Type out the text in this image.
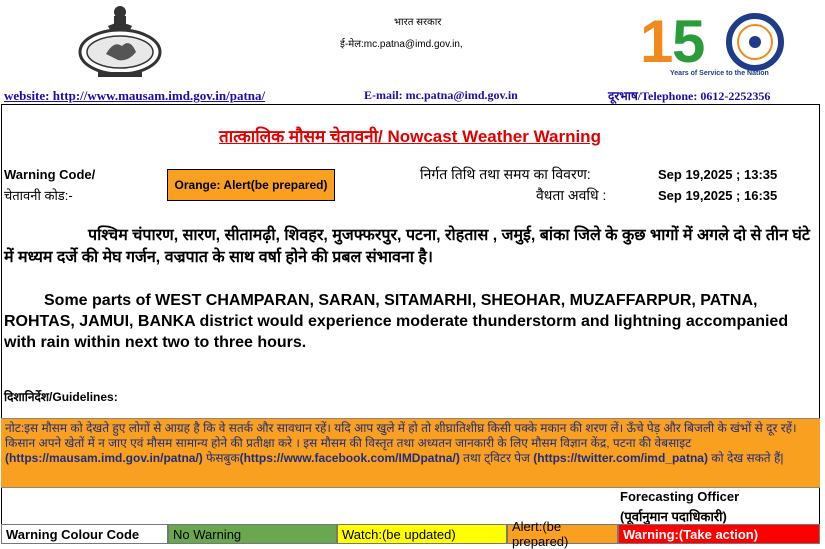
भारत सरकार
ई-मेल:mc.patna@imd.gov.in,	1
5
Years of Service to the Nation
website: http://www.mausam.imd.gov.in/patna/	E-mail: mc.patna@imd.gov.in	दूरभाष/Telephone: 0612-2252356
तात्कालिक मौसम चेतावनी/ Nowcast Weather Warning
Warning Code/
चेतावनी कोड:-
Orange: Alert(be prepared)
निर्गत तिथि तथा समय का विवरण:	Sep 19,2025 ; 13:35
वैधता अवधि :	Sep 19,2025 ; 16:35
पश्चिम चंपारण, सारण, सीतामढ़ी, शिवहर, मुजफ्फरपुर, पटना, रोहतास , जमुई, बांका जिले के कुछ भागों में अगले दो से तीन घंटे में मध्यम दर्जे की मेघ गर्जन, वज्रपात के साथ वर्षा होने की प्रबल संभावना है।
Some parts of WEST CHAMPARAN, SARAN, SITAMARHI, SHEOHAR, MUZAFFARPUR, PATNA, ROHTAS, JAMUI, BANKA district would experience moderate thunderstorm and lightning accompanied with rain within next two to three hours.
दिशानिर्देश/Guidelines:
नोट:इस मौसम को देखते हुए लोगों से आग्रह है कि वे सतर्क और सावधान रहें। यदि आप खुले में हो तो शीघ्रातिशीघ्र किसी पक्के मकान की शरण लें। ऊँचे पेड़ और बिजली के खंभों से दूर रहें। किसान अपने खेतों में न जाए एवं मौसम सामान्य होने की प्रतीक्षा करे । इस मौसम की विस्तृत तथा अध्यतन जानकारी के लिए मौसम विज्ञान केंद्र, पटना की वेबसाइट (https://mausam.imd.gov.in/patna/) फेसबुक(https://www.facebook.com/IMDpatna/) तथा ट्विटर पेज (https://twitter.com/imd_patna) को देख सकते हैं|
Forecasting Officer
(पूर्वानुमान पदाधिकारी)
Warning Colour Code	No Warning	Watch:(be updated)	Alert:(be prepared)	Warning:(Take action)
